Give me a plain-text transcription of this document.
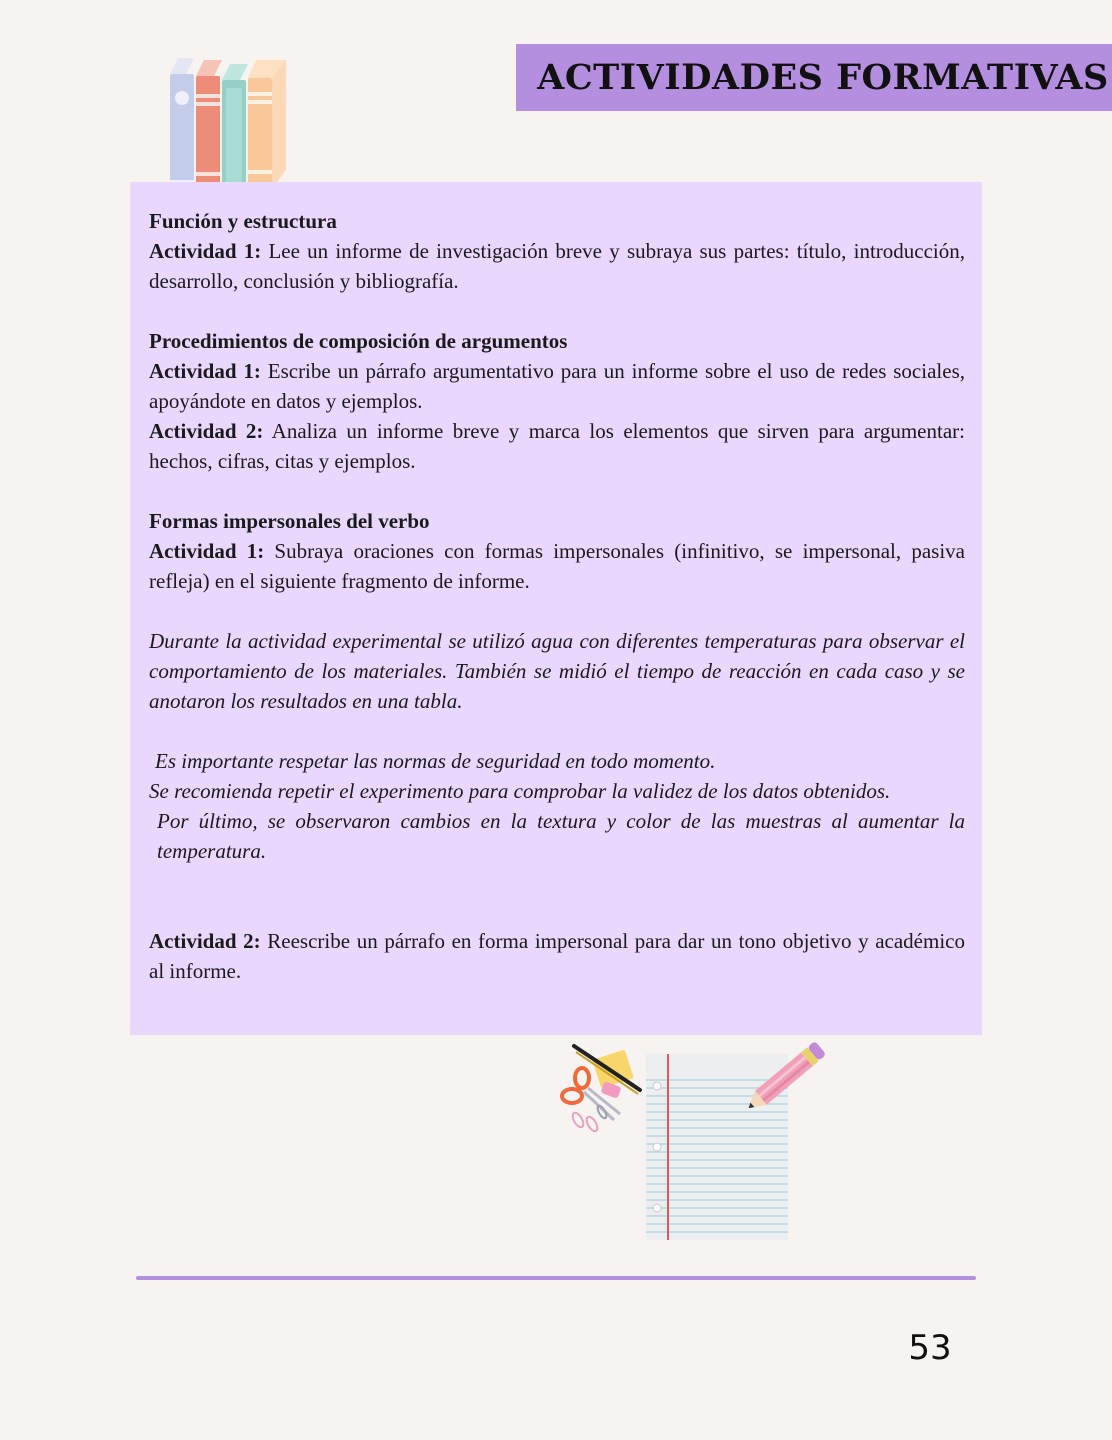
ACTIVIDADES FORMATIVAS

Función y estructura

Actividad 1: Lee un informe de investigación breve y subraya sus partes: título, introducción, desarrollo, conclusión y bibliografía.

Procedimientos de composición de argumentos

Actividad 1: Escribe un párrafo argumentativo para un informe sobre el uso de redes sociales, apoyándote en datos y ejemplos.

Actividad 2: Analiza un informe breve y marca los elementos que sirven para argumentar: hechos, cifras, citas y ejemplos.

Formas impersonales del verbo

Actividad 1: Subraya oraciones con formas impersonales (infinitivo, se impersonal, pasiva refleja) en el siguiente fragmento de informe.

Durante la actividad experimental se utilizó agua con diferentes temperaturas para observar el comportamiento de los materiales. También se midió el tiempo de reacción en cada caso y se anotaron los resultados en una tabla.

Es importante respetar las normas de seguridad en todo momento.

Se recomienda repetir el experimento para comprobar la validez de los datos obtenidos.

Por último, se observaron cambios en la textura y color de las muestras al aumentar la temperatura.

Actividad 2: Reescribe un párrafo en forma impersonal para dar un tono objetivo y académico al informe.

53
